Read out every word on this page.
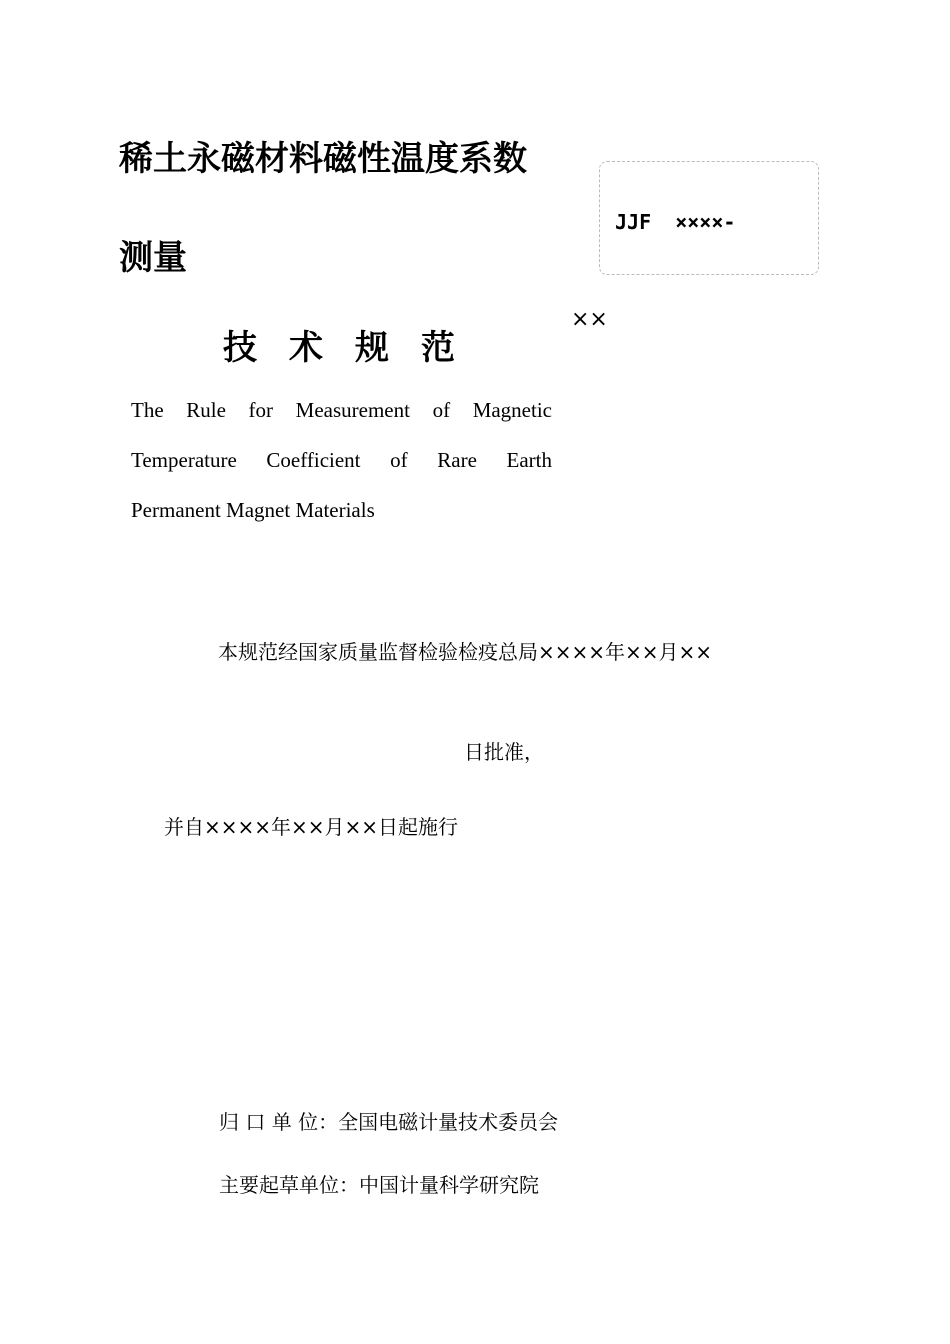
稀土永磁材料磁性温度系数
测量
JJF  ××××-
××
技术规范
The Rule for Measurement of Magnetic
Temperature Coefficient of Rare Earth
Permanent Magnet Materials
本规范经国家质量监督检验检疫总局××××年××月××
日批准，
并自××××年××月××日起施行
归 口 单 位：全国电磁计量技术委员会
主要起草单位：中国计量科学研究院
